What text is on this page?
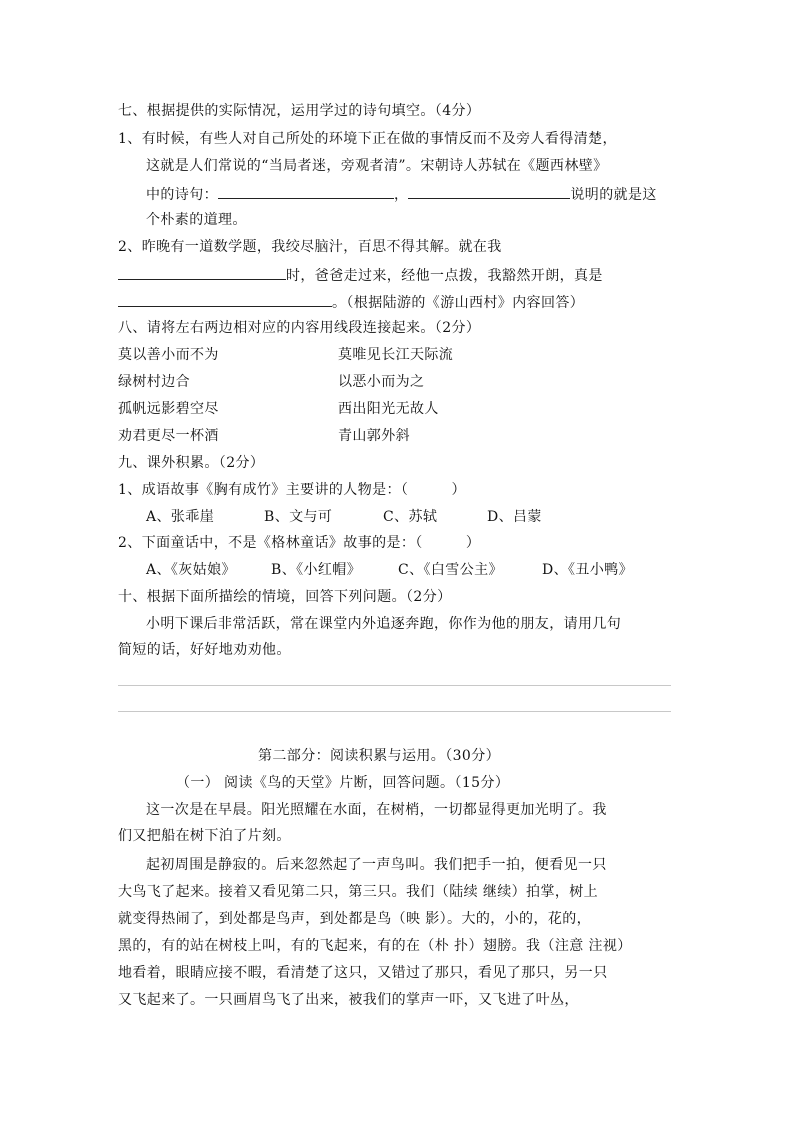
七、根据提供的实际情况，运用学过的诗句填空。（4分）
1、有时候，有些人对自己所处的环境下正在做的事情反而不及旁人看得清楚，
这就是人们常说的“当局者迷，旁观者清”。宋朝诗人苏轼在《题西林壁》
中的诗句：	，	说明的就是这
个朴素的道理。
2、昨晚有一道数学题，我绞尽脑汁，百思不得其解。就在我
时，爸爸走过来，经他一点拨，我豁然开朗，真是
。（根据陆游的《游山西村》内容回答）
八、请将左右两边相对应的内容用线段连接起来。（2分）
莫以善小而不为	莫唯见长江天际流
绿树村边合	以恶小而为之
孤帆远影碧空尽	西出阳光无故人
劝君更尽一杯酒	青山郭外斜
九、课外积累。（2分）
1、成语故事《胸有成竹》主要讲的人物是：（　　　）
A、张乖崖	B、文与可	C、苏轼	D、吕蒙
2、下面童话中，不是《格林童话》故事的是：（　　　）
A、《灰姑娘》	B、《小红帽》	C、《白雪公主》	D、《丑小鸭》
十、根据下面所描绘的情境，回答下列问题。（2分）
小明下课后非常活跃，常在课堂内外追逐奔跑，你作为他的朋友，请用几句
简短的话，好好地劝劝他。
第二部分：阅读积累与运用。（30分）
（一） 阅读《鸟的天堂》片断，回答问题。（15分）
这一次是在早晨。阳光照耀在水面，在树梢，一切都显得更加光明了。我
们又把船在树下泊了片刻。
起初周围是静寂的。后来忽然起了一声鸟叫。我们把手一拍，便看见一只
大鸟飞了起来。接着又看见第二只，第三只。我们（陆续 继续）拍掌，树上
就变得热闹了，到处都是鸟声，到处都是鸟（映 影）。大的，小的，花的，
黑的，有的站在树枝上叫，有的飞起来，有的在（朴 扑）翅膀。我（注意 注视）
地看着，眼睛应接不暇，看清楚了这只，又错过了那只，看见了那只，另一只
又飞起来了。一只画眉鸟飞了出来，被我们的掌声一吓，又飞进了叶丛，
